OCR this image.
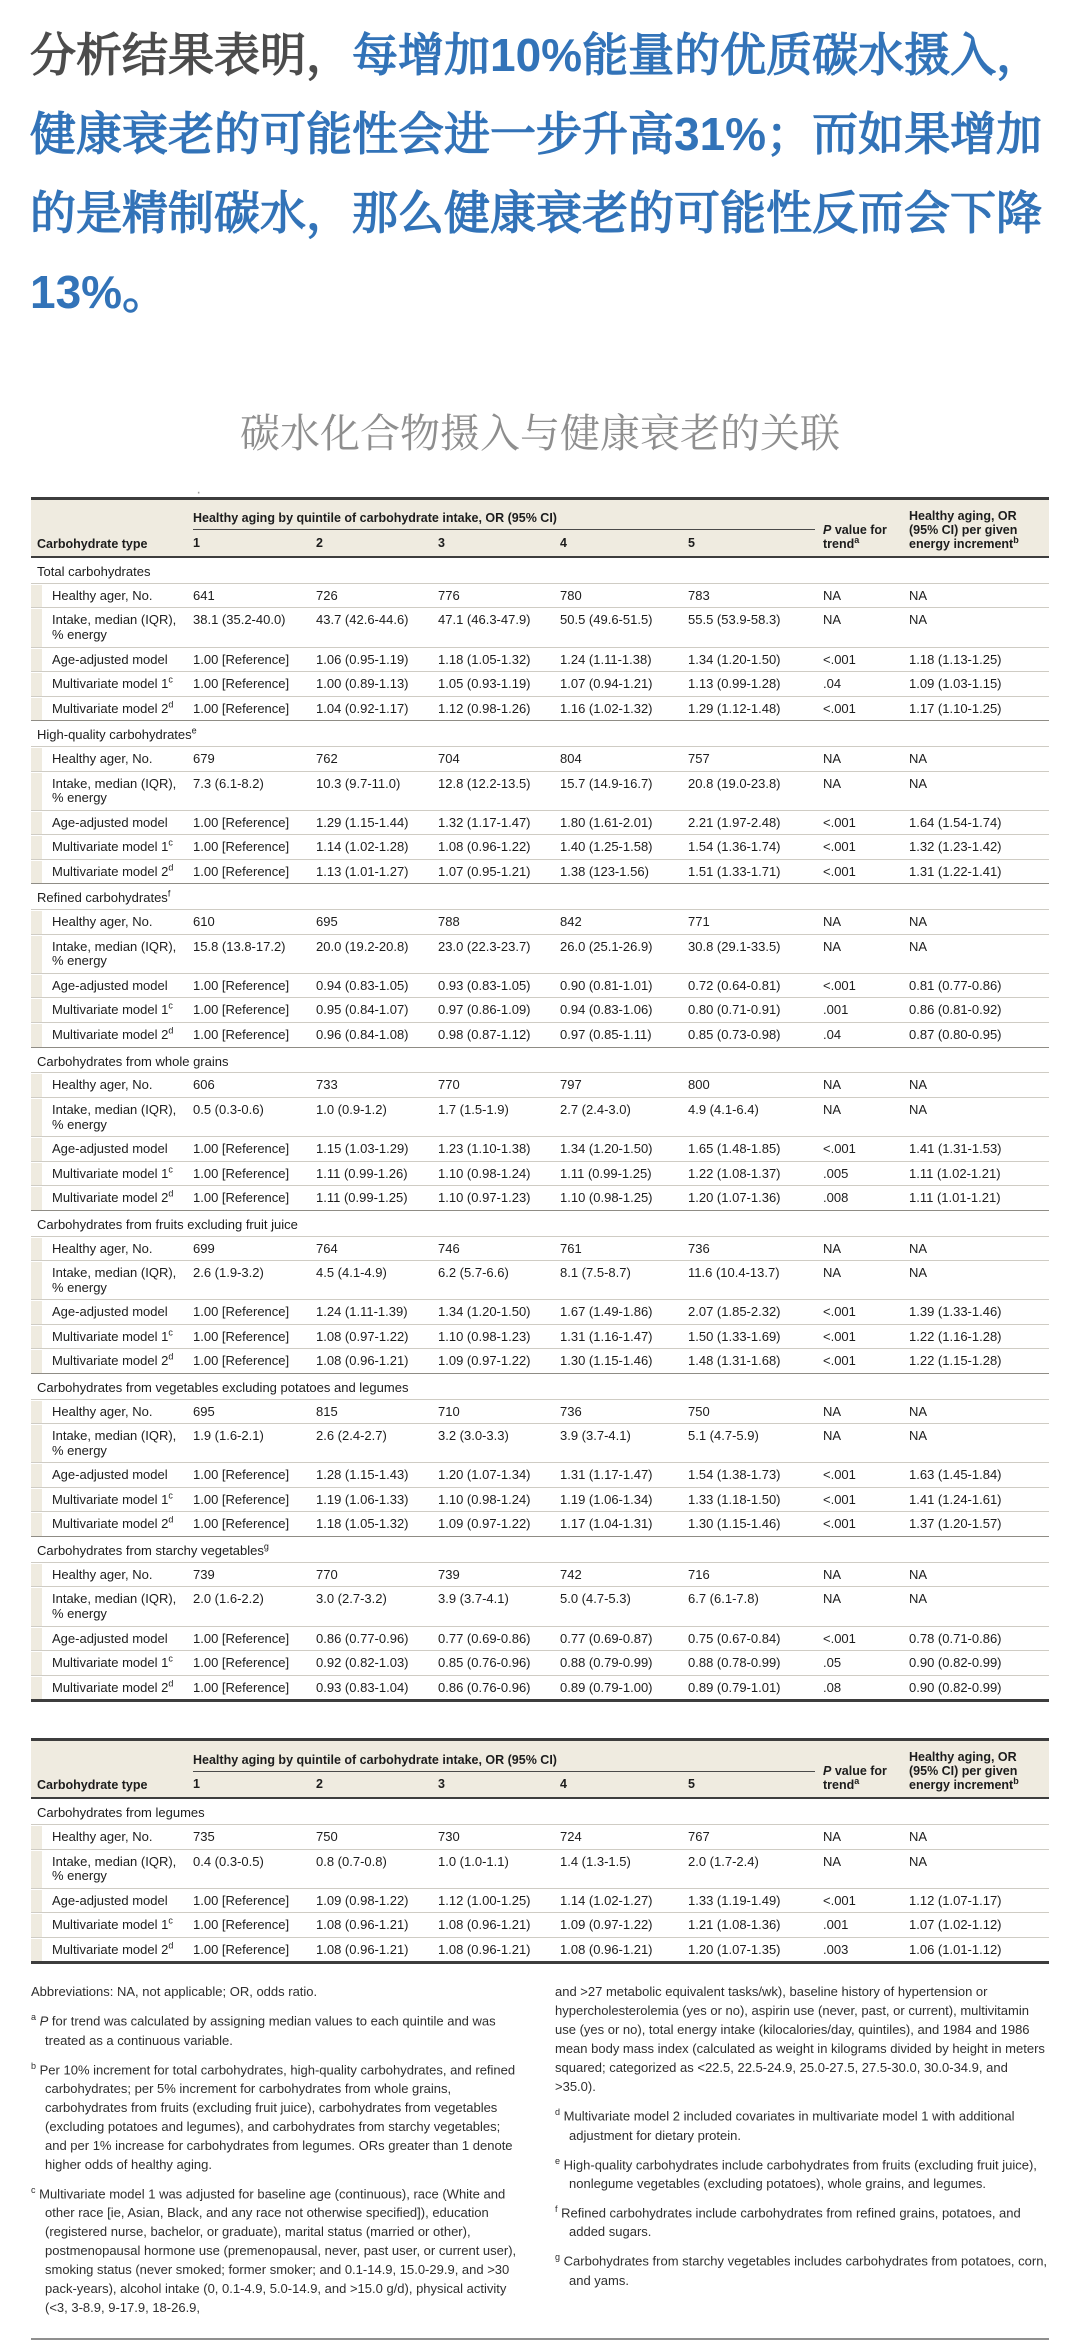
分析结果表明，每增加10%能量的优质碳水摄入，健康衰老的可能性会进一步升高31%；而如果增加的是精制碳水，那么健康衰老的可能性反而会下降13%。

碳水化合物摄入与健康衰老的关联
·
Carbohydrate type	Healthy aging by quintile of carbohydrate intake, OR (95% CI)					P value for trend$^a$	Healthy aging, OR (95% CI) per given energy increment$^b$
	1	2	3	4	5		
Total carbohydrates							
Healthy ager, No.	641	726	776	780	783	NA	NA
Intake, median (IQR), % energy	38.1 (35.2-40.0)	43.7 (42.6-44.6)	47.1 (46.3-47.9)	50.5 (49.6-51.5)	55.5 (53.9-58.3)	NA	NA
Age-adjusted model	1.00 [Reference]	1.06 (0.95-1.19)	1.18 (1.05-1.32)	1.24 (1.11-1.38)	1.34 (1.20-1.50)	<.001	1.18 (1.13-1.25)
Multivariate model 1$^c$	1.00 [Reference]	1.00 (0.89-1.13)	1.05 (0.93-1.19)	1.07 (0.94-1.21)	1.13 (0.99-1.28)	.04	1.09 (1.03-1.15)
Multivariate model 2$^d$	1.00 [Reference]	1.04 (0.92-1.17)	1.12 (0.98-1.26)	1.16 (1.02-1.32)	1.29 (1.12-1.48)	<.001	1.17 (1.10-1.25)
High-quality carbohydrates$^e$
Healthy ager, No.	679	762	704	804	757	NA	NA
Intake, median (IQR), % energy	7.3 (6.1-8.2)	10.3 (9.7-11.0)	12.8 (12.2-13.5)	15.7 (14.9-16.7)	20.8 (19.0-23.8)	NA	NA
Age-adjusted model	1.00 [Reference]	1.29 (1.15-1.44)	1.32 (1.17-1.47)	1.80 (1.61-2.01)	2.21 (1.97-2.48)	<.001	1.64 (1.54-1.74)
Multivariate model 1$^c$	1.00 [Reference]	1.14 (1.02-1.28)	1.08 (0.96-1.22)	1.40 (1.25-1.58)	1.54 (1.36-1.74)	<.001	1.32 (1.23-1.42)
Multivariate model 2$^d$	1.00 [Reference]	1.13 (1.01-1.27)	1.07 (0.95-1.21)	1.38 (123-1.56)	1.51 (1.33-1.71)	<.001	1.31 (1.22-1.41)
Refined carbohydrates$^f$
Healthy ager, No.	610	695	788	842	771	NA	NA
Intake, median (IQR), % energy	15.8 (13.8-17.2)	20.0 (19.2-20.8)	23.0 (22.3-23.7)	26.0 (25.1-26.9)	30.8 (29.1-33.5)	NA	NA
Age-adjusted model	1.00 [Reference]	0.94 (0.83-1.05)	0.93 (0.83-1.05)	0.90 (0.81-1.01)	0.72 (0.64-0.81)	<.001	0.81 (0.77-0.86)
Multivariate model 1$^c$	1.00 [Reference]	0.95 (0.84-1.07)	0.97 (0.86-1.09)	0.94 (0.83-1.06)	0.80 (0.71-0.91)	.001	0.86 (0.81-0.92)
Multivariate model 2$^d$	1.00 [Reference]	0.96 (0.84-1.08)	0.98 (0.87-1.12)	0.97 (0.85-1.11)	0.85 (0.73-0.98)	.04	0.87 (0.80-0.95)
Carbohydrates from whole grains							
Healthy ager, No.	606	733	770	797	800	NA	NA
Intake, median (IQR), % energy	0.5 (0.3-0.6)	1.0 (0.9-1.2)	1.7 (1.5-1.9)	2.7 (2.4-3.0)	4.9 (4.1-6.4)	NA	NA
Age-adjusted model	1.00 [Reference]	1.15 (1.03-1.29)	1.23 (1.10-1.38)	1.34 (1.20-1.50)	1.65 (1.48-1.85)	<.001	1.41 (1.31-1.53)
Multivariate model 1$^c$	1.00 [Reference]	1.11 (0.99-1.26)	1.10 (0.98-1.24)	1.11 (0.99-1.25)	1.22 (1.08-1.37)	.005	1.11 (1.02-1.21)
Multivariate model 2$^d$	1.00 [Reference]	1.11 (0.99-1.25)	1.10 (0.97-1.23)	1.10 (0.98-1.25)	1.20 (1.07-1.36)	.008	1.11 (1.01-1.21)
Carbohydrates from fruits excluding fruit juice							
Healthy ager, No.	699	764	746	761	736	NA	NA
Intake, median (IQR), % energy	2.6 (1.9-3.2)	4.5 (4.1-4.9)	6.2 (5.7-6.6)	8.1 (7.5-8.7)	11.6 (10.4-13.7)	NA	NA
Age-adjusted model	1.00 [Reference]	1.24 (1.11-1.39)	1.34 (1.20-1.50)	1.67 (1.49-1.86)	2.07 (1.85-2.32)	<.001	1.39 (1.33-1.46)
Multivariate model 1$^c$	1.00 [Reference]	1.08 (0.97-1.22)	1.10 (0.98-1.23)	1.31 (1.16-1.47)	1.50 (1.33-1.69)	<.001	1.22 (1.16-1.28)
Multivariate model 2$^d$	1.00 [Reference]	1.08 (0.96-1.21)	1.09 (0.97-1.22)	1.30 (1.15-1.46)	1.48 (1.31-1.68)	<.001	1.22 (1.15-1.28)
Carbohydrates from vegetables excluding potatoes and legumes							
Healthy ager, No.	695	815	710	736	750	NA	NA
Intake, median (IQR), % energy	1.9 (1.6-2.1)	2.6 (2.4-2.7)	3.2 (3.0-3.3)	3.9 (3.7-4.1)	5.1 (4.7-5.9)	NA	NA
Age-adjusted model	1.00 [Reference]	1.28 (1.15-1.43)	1.20 (1.07-1.34)	1.31 (1.17-1.47)	1.54 (1.38-1.73)	<.001	1.63 (1.45-1.84)
Multivariate model 1$^c$	1.00 [Reference]	1.19 (1.06-1.33)	1.10 (0.98-1.24)	1.19 (1.06-1.34)	1.33 (1.18-1.50)	<.001	1.41 (1.24-1.61)
Multivariate model 2$^d$	1.00 [Reference]	1.18 (1.05-1.32)	1.09 (0.97-1.22)	1.17 (1.04-1.31)	1.30 (1.15-1.46)	<.001	1.37 (1.20-1.57)
Carbohydrates from starchy vegetables$^g$
Healthy ager, No.	739	770	739	742	716	NA	NA
Intake, median (IQR), % energy	2.0 (1.6-2.2)	3.0 (2.7-3.2)	3.9 (3.7-4.1)	5.0 (4.7-5.3)	6.7 (6.1-7.8)	NA	NA
Age-adjusted model	1.00 [Reference]	0.86 (0.77-0.96)	0.77 (0.69-0.86)	0.77 (0.69-0.87)	0.75 (0.67-0.84)	<.001	0.78 (0.71-0.86)
Multivariate model 1$^c$	1.00 [Reference]	0.92 (0.82-1.03)	0.85 (0.76-0.96)	0.88 (0.79-0.99)	0.88 (0.78-0.99)	.05	0.90 (0.82-0.99)
Multivariate model 2$^d$	1.00 [Reference]	0.93 (0.83-1.04)	0.86 (0.76-0.96)	0.89 (0.79-1.00)	0.89 (0.79-1.01)	.08	0.90 (0.82-0.99)
Carbohydrate type	Healthy aging by quintile of carbohydrate intake, OR (95% CI)					P value for trend$^a$	Healthy aging, OR (95% CI) per given energy increment$^b$
	1	2	3	4	5		
Carbohydrates from legumes							
Healthy ager, No.	735	750	730	724	767	NA	NA
Intake, median (IQR), % energy	0.4 (0.3-0.5)	0.8 (0.7-0.8)	1.0 (1.0-1.1)	1.4 (1.3-1.5)	2.0 (1.7-2.4)	NA	NA
Age-adjusted model	1.00 [Reference]	1.09 (0.98-1.22)	1.12 (1.00-1.25)	1.14 (1.02-1.27)	1.33 (1.19-1.49)	<.001	1.12 (1.07-1.17)
Multivariate model 1$^c$	1.00 [Reference]	1.08 (0.96-1.21)	1.08 (0.96-1.21)	1.09 (0.97-1.22)	1.21 (1.08-1.36)	.001	1.07 (1.02-1.12)
Multivariate model 2$^d$	1.00 [Reference]	1.08 (0.96-1.21)	1.08 (0.96-1.21)	1.08 (0.96-1.21)	1.20 (1.07-1.35)	.003	1.06 (1.01-1.12)
Abbreviations: NA, not applicable; OR, odds ratio.
$^a$ P for trend was calculated by assigning median values to each quintile and was treated as a continuous variable.
$^b$ Per 10% increment for total carbohydrates, high-quality carbohydrates, and refined carbohydrates; per 5% increment for carbohydrates from whole grains, carbohydrates from fruits (excluding fruit juice), carbohydrates from vegetables (excluding potatoes and legumes), and carbohydrates from starchy vegetables; and per 1% increase for carbohydrates from legumes. ORs greater than 1 denote higher odds of healthy aging.
$^c$ Multivariate model 1 was adjusted for baseline age (continuous), race (White and other race [ie, Asian, Black, and any race not otherwise specified]), education (registered nurse, bachelor, or graduate), marital status (married or other), postmenopausal hormone use (premenopausal, never, past user, or current user), smoking status (never smoked; former smoker; and 0.1-14.9, 15.0-29.9, and >30 pack-years), alcohol intake (0, 0.1-4.9, 5.0-14.9, and >15.0 g/d), physical activity (<3, 3-8.9, 9-17.9, 18-26.9,
and >27 metabolic equivalent tasks/wk), baseline history of hypertension or hypercholesterolemia (yes or no), aspirin use (never, past, or current), multivitamin use (yes or no), total energy intake (kilocalories/day, quintiles), and 1984 and 1986 mean body mass index (calculated as weight in kilograms divided by height in meters squared; categorized as <22.5, 22.5-24.9, 25.0-27.5, 27.5-30.0, 30.0-34.9, and >35.0).
$^d$ Multivariate model 2 included covariates in multivariate model 1 with additional adjustment for dietary protein.
$^e$ High-quality carbohydrates include carbohydrates from fruits (excluding fruit juice), nonlegume vegetables (excluding potatoes), whole grains, and legumes.
$^f$ Refined carbohydrates include carbohydrates from refined grains, potatoes, and added sugars.
$^g$ Carbohydrates from starchy vegetables includes carbohydrates from potatoes, corn, and yams.
